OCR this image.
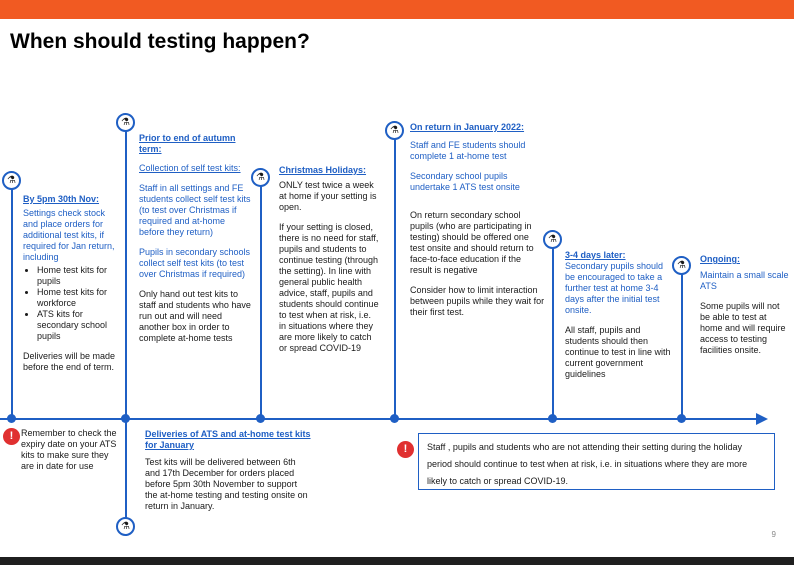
When should testing happen?
⚗
⚗
⚗
⚗
⚗
⚗
⚗
By 5pm 30th Nov:
Settings check stock and place orders for additional test kits, if required for Jan return, including
• Home test kits for pupils
• Home test kits for workforce
• ATS kits for secondary school pupils
Deliveries will be made before the end of term.
Prior to end of autumn term:
Collection of self test kits:
Staff in all settings and FE students collect self test kits (to test over Christmas if required and at-home before they return)
Pupils in secondary schools collect self test kits (to test over Christmas if required)
Only hand out test kits to staff and students who have run out and will need another box in order to complete at-home tests
Christmas Holidays:
ONLY test twice a week at home if your setting is open.
If your setting is closed, there is no need for staff, pupils and students to continue testing (through the setting). In line with general public health advice, staff, pupils and students should continue to test when at risk, i.e. in situations where they are more likely to catch or spread COVID-19
On return in January 2022:
Staff and FE students should complete 1 at-home test
Secondary school pupils undertake 1 ATS test onsite
On return secondary school pupils (who are participating in testing) should be offered one test onsite and should return to face-to-face education if the result is negative
Consider how to limit interaction between pupils while they wait for their first test.
3-4 days later:
Secondary pupils should be encouraged to take a further test at home 3-4 days after the initial test onsite.
All staff, pupils and students should then continue to test in line with current government guidelines
Ongoing:
Maintain a small scale ATS
Some pupils will not be able to test at home and will require access to testing facilities onsite.
! Remember to check the expiry date on your ATS kits to make sure they are in date for use
Deliveries of ATS and at-home test kits for January
Test kits will be delivered between 6th and 17th December for orders placed before 5pm 30th November to support the at-home testing and testing onsite on return in January.
!	Staff , pupils and students who are not attending their setting during the holiday period should continue to test when at risk, i.e. in situations where they are more likely to catch or spread COVID-19.
9
